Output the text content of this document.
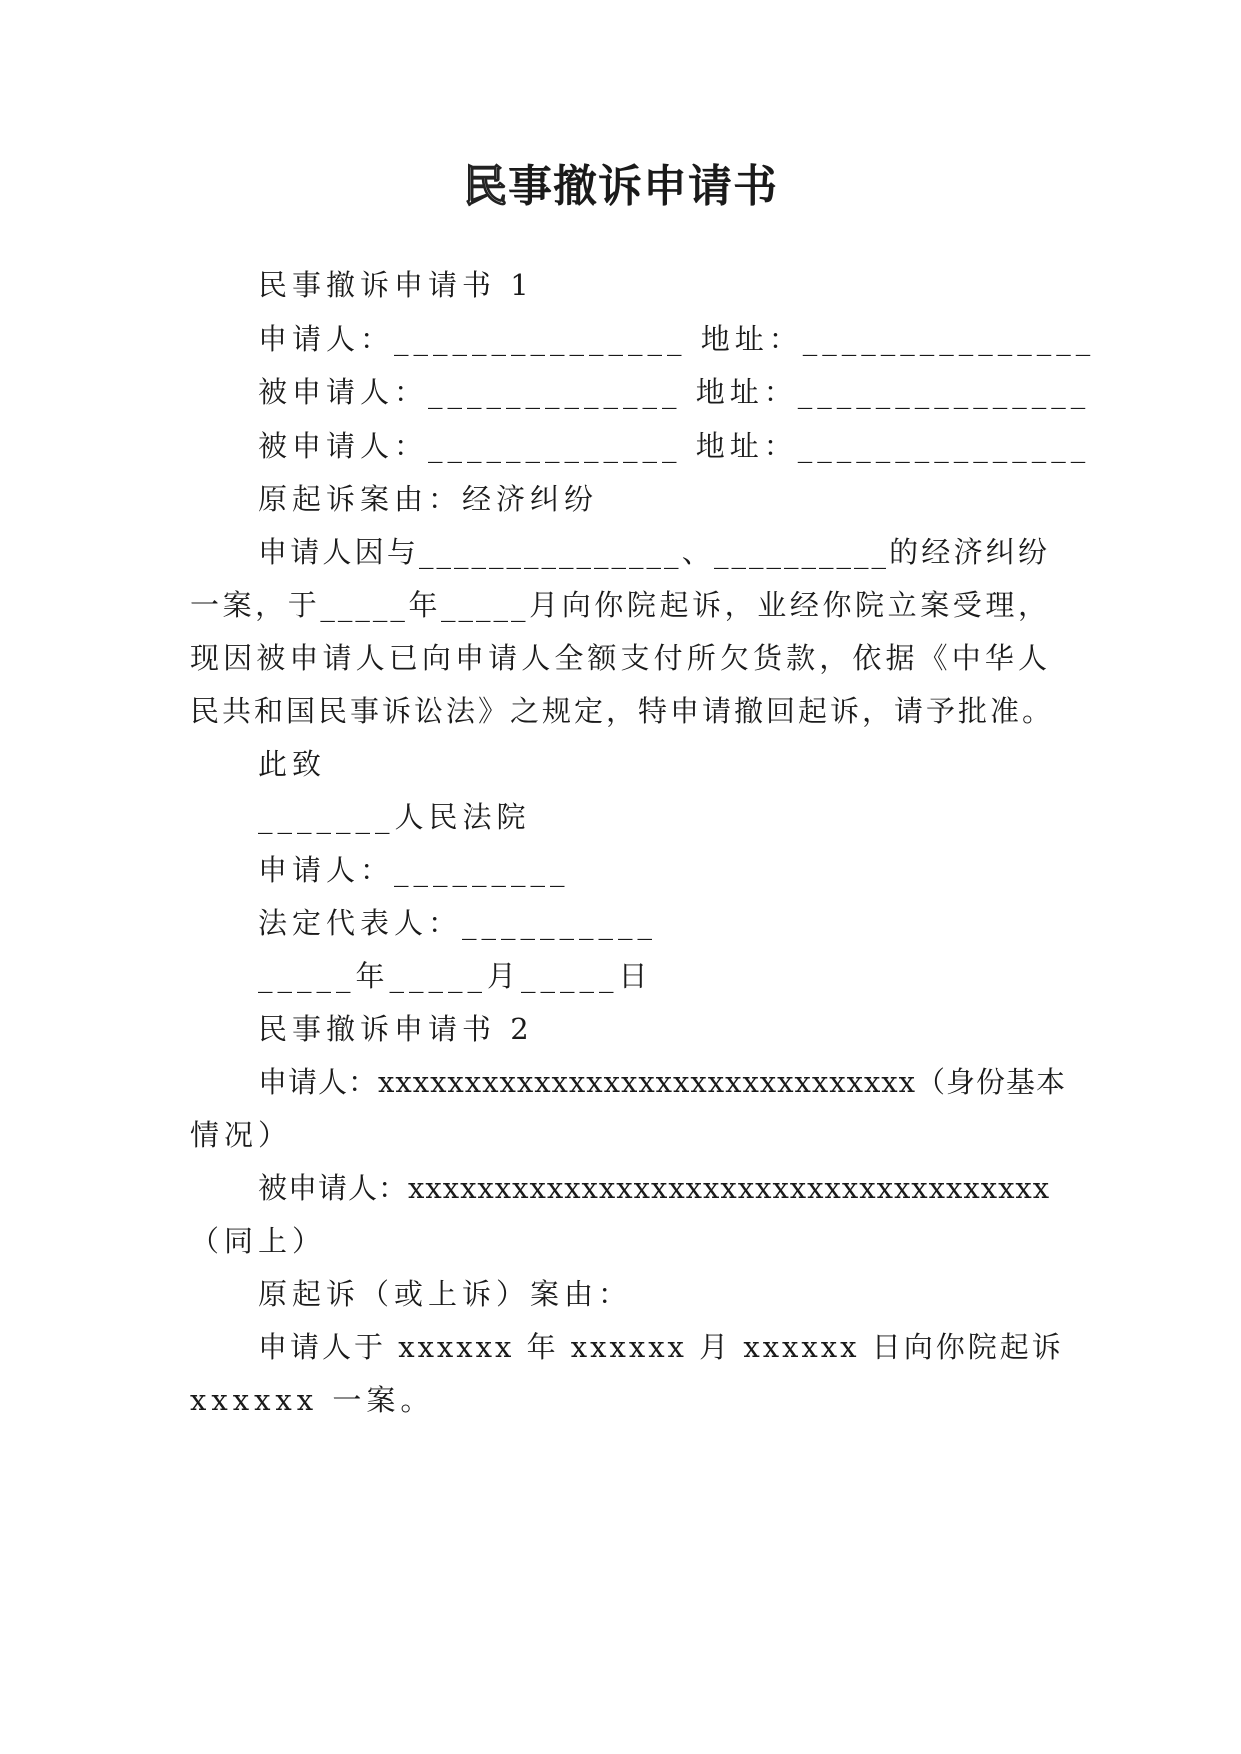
民事撤诉申请书
民事撤诉申请书 1
申请人：_______________ 地址：_______________
被申请人：_____________ 地址：_______________
被申请人：_____________ 地址：_______________
原起诉案由：经济纠纷
申请人因与_______________、__________的经济纠纷
一案，于_____年_____月向你院起诉，业经你院立案受理，
现因被申请人已向申请人全额支付所欠货款，依据《中华人
民共和国民事诉讼法》之规定，特申请撤回起诉，请予批准。
此致
_______人民法院
申请人：_________
法定代表人：__________
_____年_____月_____日
民事撤诉申请书 2
申请人：xxxxxxxxxxxxxxxxxxxxxxxxxxxxxxx（身份基本
情况）
被申请人：xxxxxxxxxxxxxxxxxxxxxxxxxxxxxxxxxxxxx
（同上）
原起诉（或上诉）案由：
申请人于 xxxxxx 年 xxxxxx 月 xxxxxx 日向你院起诉
xxxxxx 一案。
